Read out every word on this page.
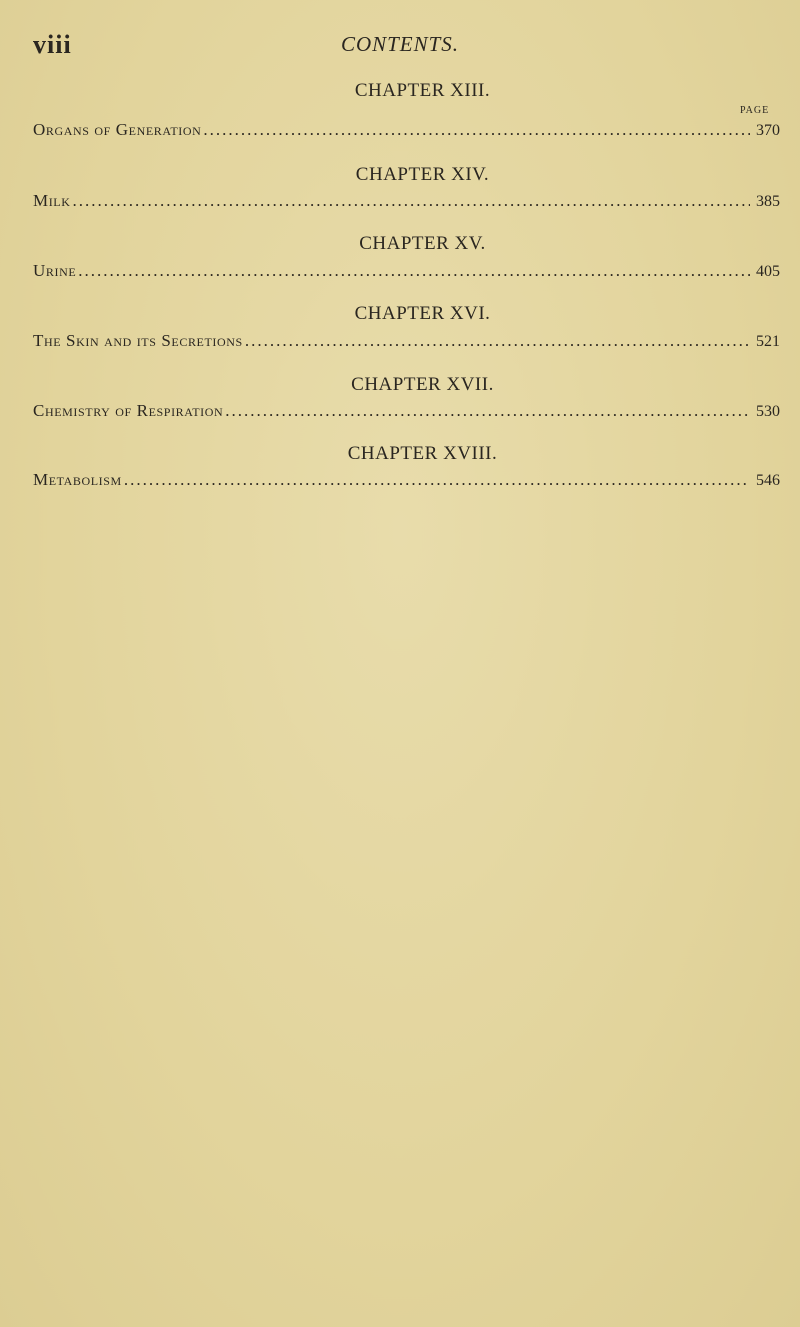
viii	CONTENTS.
CHAPTER XIII.
PAGE
Organs of Generation .....	370
CHAPTER XIV.
Milk .....	385
CHAPTER XV.
Urine .....	405
CHAPTER XVI.
The Skin and its Secretions .....	521
CHAPTER XVII.
Chemistry of Respiration .....	530
CHAPTER XVIII.
Metabolism .....	546
